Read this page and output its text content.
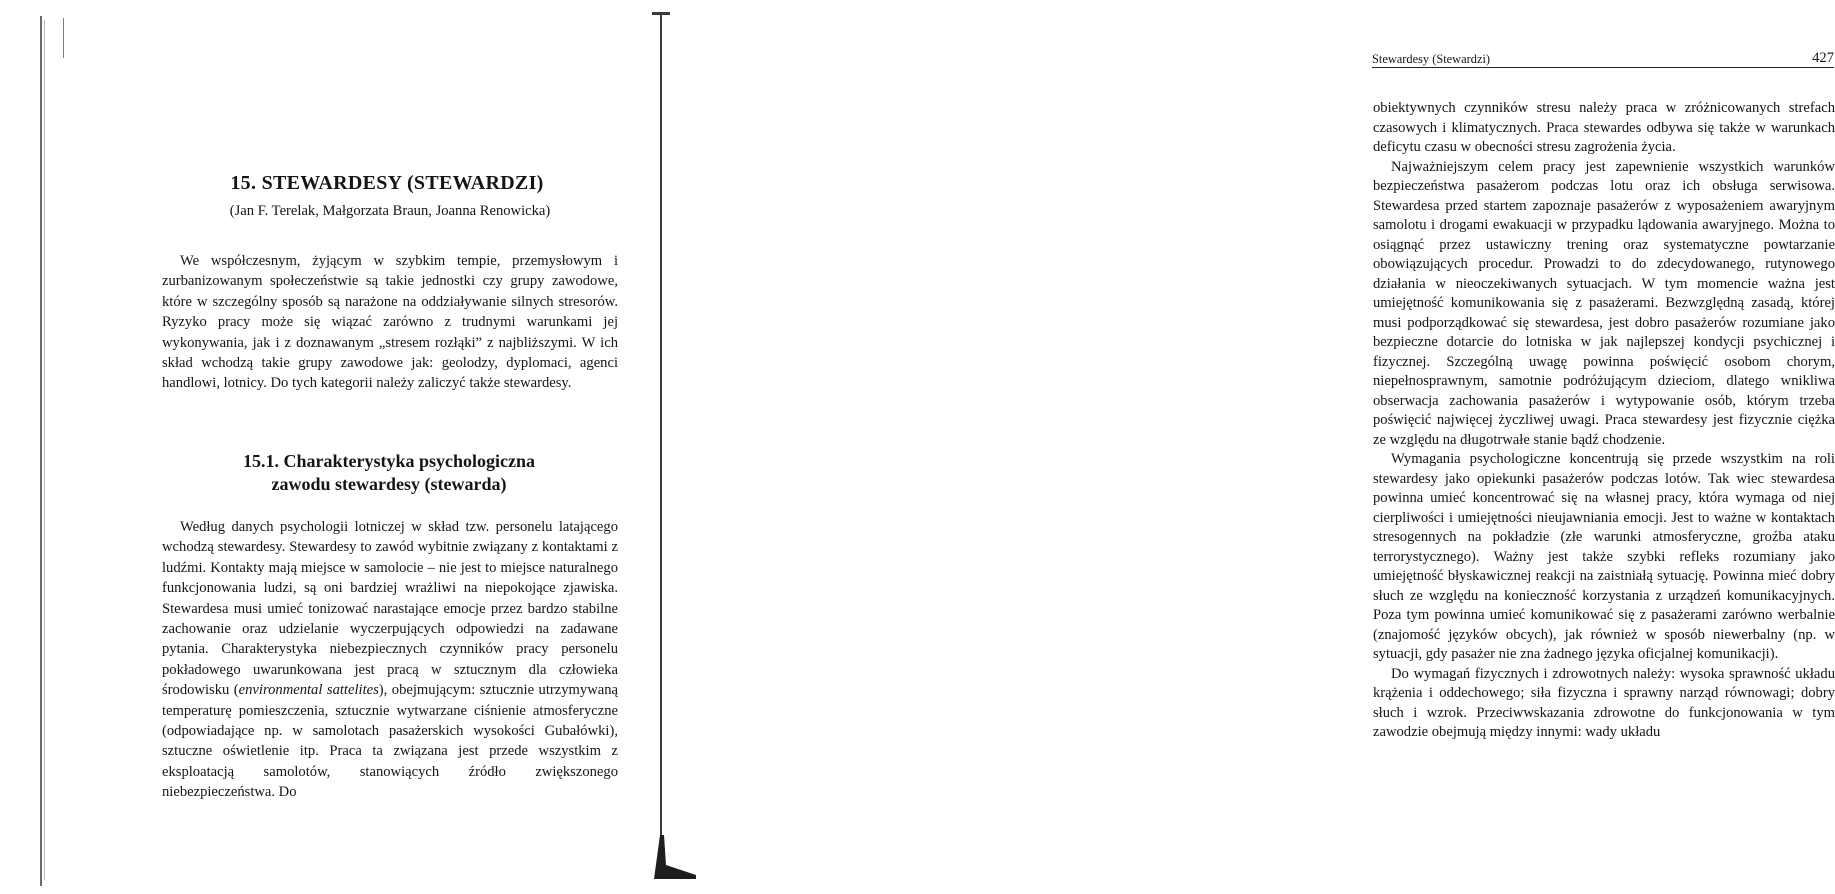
15. STEWARDESY (STEWARDZI)
(Jan F. Terelak, Małgorzata Braun, Joanna Renowicka)

We współczesnym, żyjącym w szybkim tempie, przemysłowym i zurbanizowanym społeczeństwie są takie jednostki czy grupy zawodowe, które w szczególny sposób są narażone na oddziaływanie silnych stresorów. Ryzyko pracy może się wiązać zarówno z trudnymi warunkami jej wykonywania, jak i z doznawanym „stresem rozłąki” z najbliższymi. W ich skład wchodzą takie grupy zawodowe jak: geolodzy, dyplomaci, agenci handlowi, lotnicy. Do tych kategorii należy zaliczyć także stewardesy.

15.1. Charakterystyka psychologiczna zawodu stewardesy (stewarda)

Według danych psychologii lotniczej w skład tzw. personelu latającego wchodzą stewardesy. Stewardesy to zawód wybitnie związany z kontaktami z ludźmi. Kontakty mają miejsce w samolocie – nie jest to miejsce naturalnego funkcjonowania ludzi, są oni bardziej wrażliwi na niepokojące zjawiska. Stewardesa musi umieć tonizować narastające emocje przez bardzo stabilne zachowanie oraz udzielanie wyczerpujących odpowiedzi na zadawane pytania. Charakterystyka niebezpiecznych czynników pracy personelu pokładowego uwarunkowana jest pracą w sztucznym dla człowieka środowisku (environmental sattelites), obejmującym: sztucznie utrzymywaną temperaturę pomieszczenia, sztucznie wytwarzane ciśnienie atmosferyczne (odpowiadające np. w samolotach pasażerskich wysokości Gubałówki), sztuczne oświetlenie itp. Praca ta związana jest przede wszystkim z eksploatacją samolotów, stanowiących źródło zwiększonego niebezpieczeństwa. Do

Stewardesy (Stewardzi)	427

obiektywnych czynników stresu należy praca w zróżnicowanych strefach czasowych i klimatycznych. Praca stewardes odbywa się także w warunkach deficytu czasu w obecności stresu zagrożenia życia.

Najważniejszym celem pracy jest zapewnienie wszystkich warunków bezpieczeństwa pasażerom podczas lotu oraz ich obsługa serwisowa. Stewardesa przed startem zapoznaje pasażerów z wyposażeniem awaryjnym samolotu i drogami ewakuacji w przypadku lądowania awaryjnego. Można to osiągnąć przez ustawiczny trening oraz systematyczne powtarzanie obowiązujących procedur. Prowadzi to do zdecydowanego, rutynowego działania w nieoczekiwanych sytuacjach. W tym momencie ważna jest umiejętność komunikowania się z pasażerami. Bezwzględną zasadą, której musi podporządkować się stewardesa, jest dobro pasażerów rozumiane jako bezpieczne dotarcie do lotniska w jak najlepszej kondycji psychicznej i fizycznej. Szczególną uwagę powinna poświęcić osobom chorym, niepełnosprawnym, samotnie podróżującym dzieciom, dlatego wnikliwa obserwacja zachowania pasażerów i wytypowanie osób, którym trzeba poświęcić najwięcej życzliwej uwagi. Praca stewardesy jest fizycznie ciężka ze względu na długotrwałe stanie bądź chodzenie.

Wymagania psychologiczne koncentrują się przede wszystkim na roli stewardesy jako opiekunki pasażerów podczas lotów. Tak wiec stewardesa powinna umieć koncentrować się na własnej pracy, która wymaga od niej cierpliwości i umiejętności nieujawniania emocji. Jest to ważne w kontaktach stresogennych na pokładzie (złe warunki atmosferyczne, groźba ataku terrorystycznego). Ważny jest także szybki refleks rozumiany jako umiejętność błyskawicznej reakcji na zaistniałą sytuację. Powinna mieć dobry słuch ze względu na konieczność korzystania z urządzeń komunikacyjnych. Poza tym powinna umieć komunikować się z pasażerami zarówno werbalnie (znajomość języków obcych), jak również w sposób niewerbalny (np. w sytuacji, gdy pasażer nie zna żadnego języka oficjalnej komunikacji).

Do wymagań fizycznych i zdrowotnych należy: wysoka sprawność układu krążenia i oddechowego; siła fizyczna i sprawny narząd równowagi; dobry słuch i wzrok. Przeciwwskazania zdrowotne do funkcjonowania w tym zawodzie obejmują między innymi: wady układu
